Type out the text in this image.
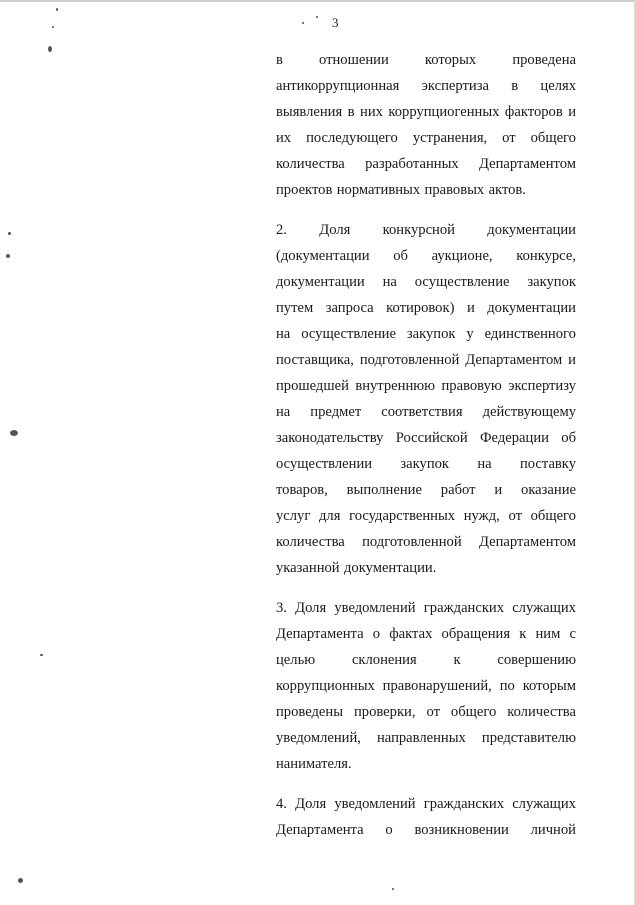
3
в отношении которых проведена
антикоррупционная экспертиза в целях
выявления в них коррупциогенных факторов и
их последующего устранения, от общего
количества разработанных Департаментом
проектов нормативных правовых актов.
2. Доля конкурсной документации
(документации об аукционе, конкурсе,
документации на осуществление закупок
путем запроса котировок) и документации
на осуществление закупок у единственного
поставщика, подготовленной Департаментом и
прошедшей внутреннюю правовую экспертизу
на предмет соответствия действующему
законодательству Российской Федерации об
осуществлении закупок на поставку
товаров, выполнение работ и оказание
услуг для государственных нужд, от общего
количества подготовленной Департаментом
указанной документации.
3. Доля уведомлений гражданских служащих
Департамента о фактах обращения к ним с
целью	склонения	к	совершению
коррупционных правонарушений, по которым
проведены проверки, от общего количества
уведомлений, направленных представителю
нанимателя.
4. Доля уведомлений гражданских служащих
Департамента о возникновении личной
